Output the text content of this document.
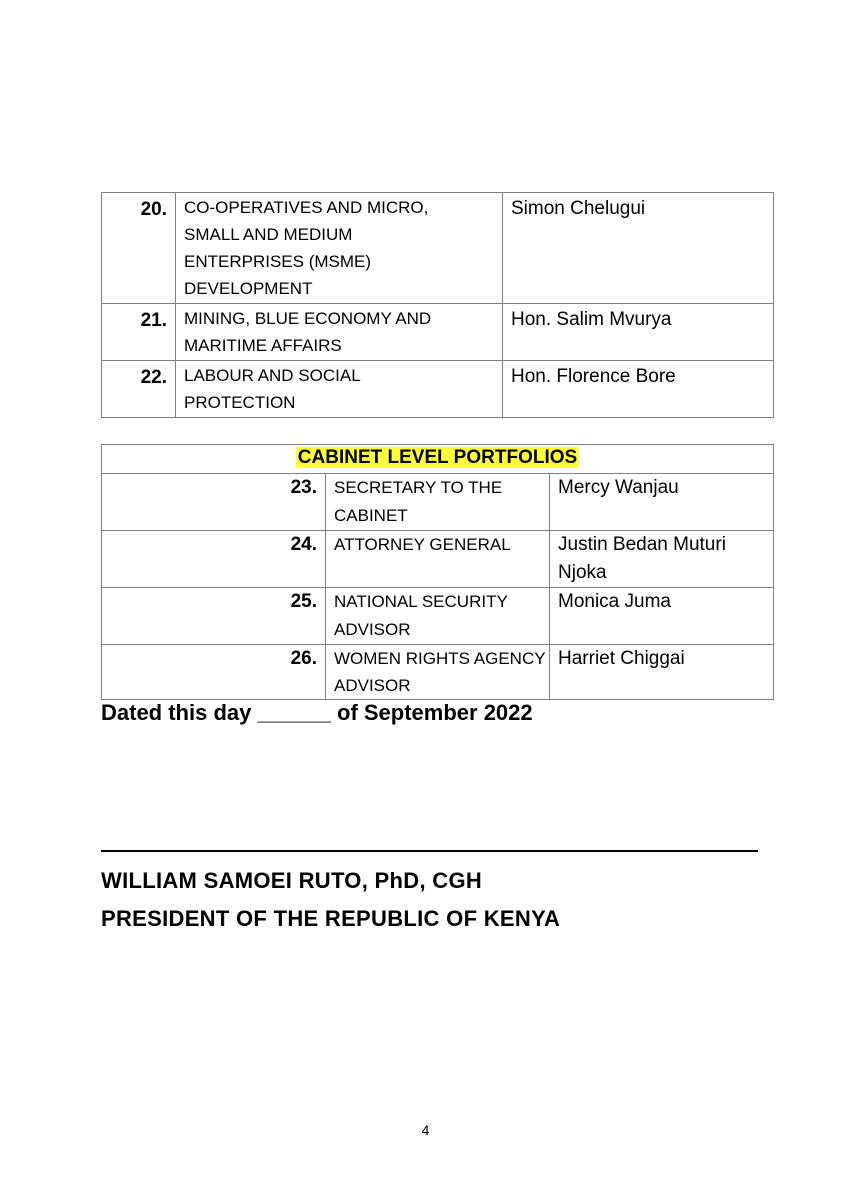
20.	CO-OPERATIVES AND MICRO,
SMALL AND MEDIUM
ENTERPRISES (MSME)
DEVELOPMENT	Simon Chelugui
21.	MINING, BLUE ECONOMY AND
MARITIME AFFAIRS	Hon. Salim Mvurya
22.	LABOUR AND SOCIAL
PROTECTION	Hon. Florence Bore
CABINET LEVEL PORTFOLIOS		
23.	SECRETARY TO THE CABINET	Mercy Wanjau
24.	ATTORNEY GENERAL	Justin Bedan Muturi Njoka
25.	NATIONAL SECURITY ADVISOR	Monica Juma
26.	WOMEN RIGHTS AGENCY
ADVISOR	Harriet Chiggai
Dated this day ______ of September 2022
WILLIAM SAMOEI RUTO, PhD, CGH
PRESIDENT OF THE REPUBLIC OF KENYA
4
